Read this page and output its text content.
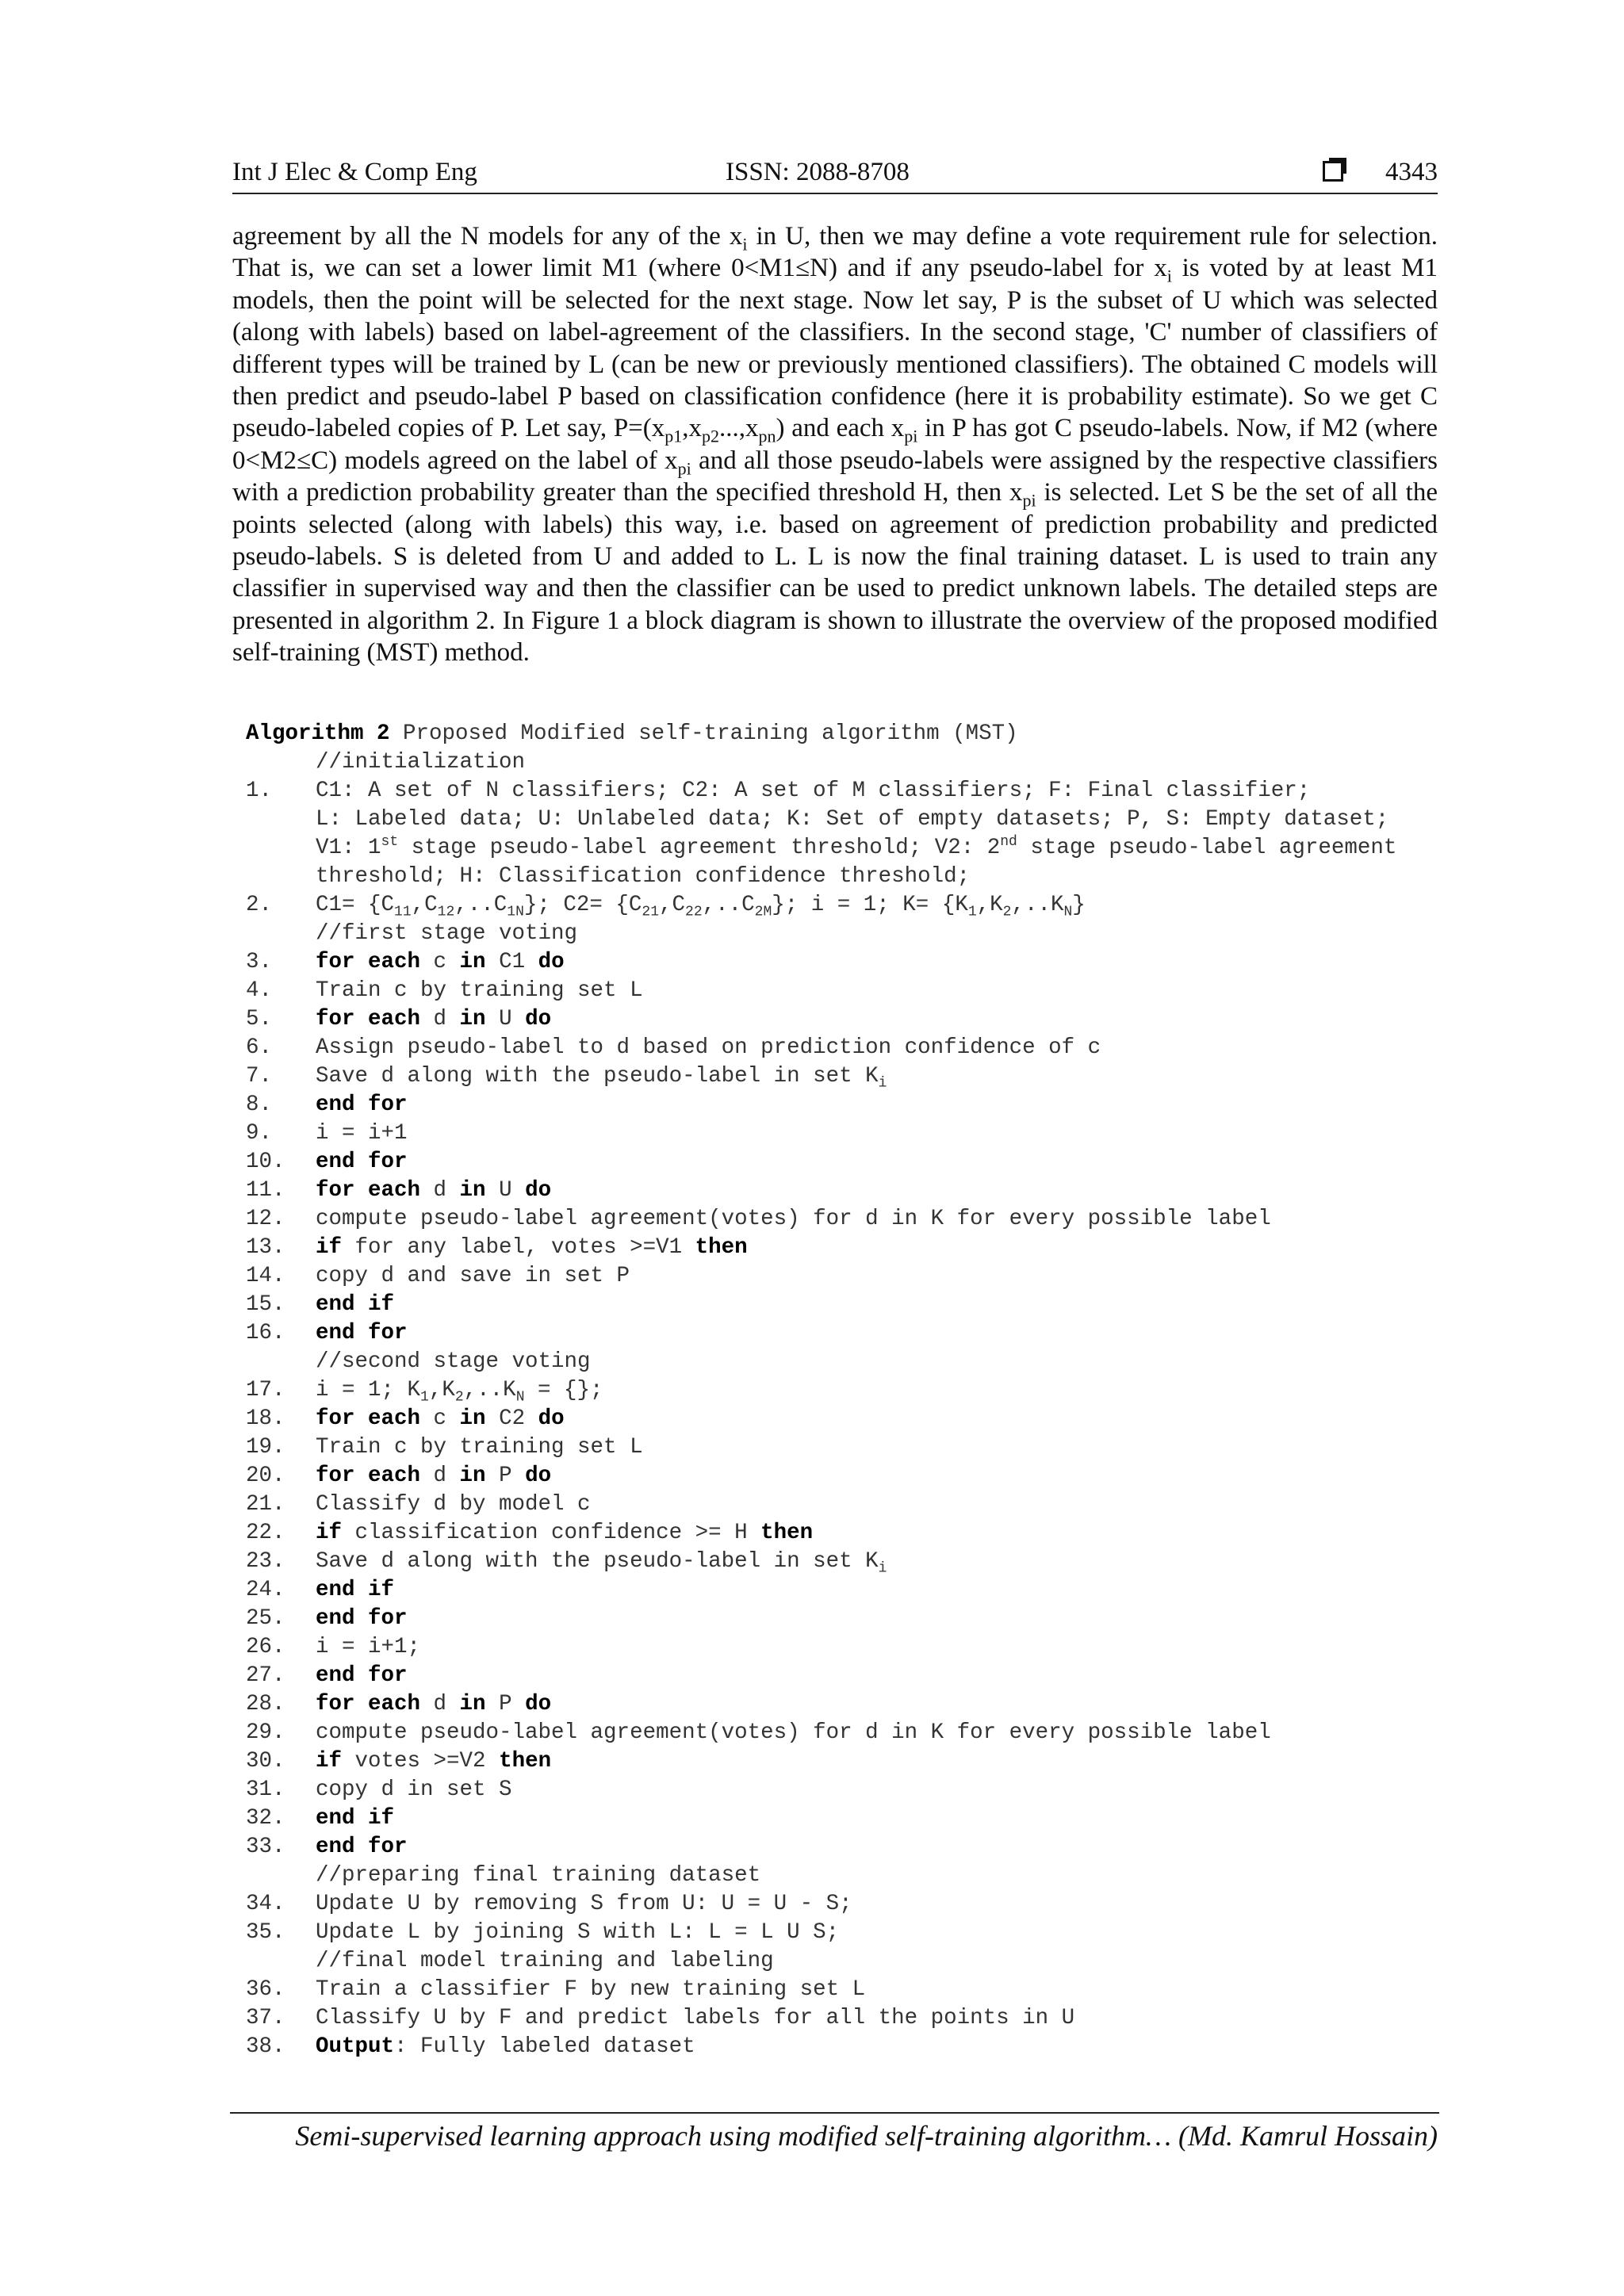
Int J Elec & Comp Eng	ISSN: 2088-8708	4343

agreement by all the N models for any of the $x_i$ in U, then we may define a vote requirement rule for selection. That is, we can set a lower limit M1 (where 0<M1≤N) and if any pseudo-label for $x_i$ is voted by at least M1 models, then the point will be selected for the next stage. Now let say, P is the subset of U which was selected (along with labels) based on label-agreement of the classifiers. In the second stage, 'C' number of classifiers of different types will be trained by L (can be new or previously mentioned classifiers). The obtained C models will then predict and pseudo-label P based on classification confidence (here it is probability estimate). So we get C pseudo-labeled copies of P. Let say, $P=(x_{p1},x_{p2}...,x_{pn})$ and each $x_{pi}$ in P has got C pseudo-labels. Now, if M2 (where 0<M2≤C) models agreed on the label of $x_{pi}$ and all those pseudo-labels were assigned by the respective classifiers with a prediction probability greater than the specified threshold H, then $x_{pi}$ is selected. Let S be the set of all the points selected (along with labels) this way, i.e. based on agreement of prediction probability and predicted pseudo-labels. S is deleted from U and added to L. L is now the final training dataset. L is used to train any classifier in supervised way and then the classifier can be used to predict unknown labels. The detailed steps are presented in algorithm 2. In Figure 1 a block diagram is shown to illustrate the overview of the proposed modified self-training (MST) method.

Algorithm 2 Proposed Modified self-training algorithm (MST)
//initialization
1. C1: A set of N classifiers; C2: A set of M classifiers; F: Final classifier;
L: Labeled data; U: Unlabeled data; K: Set of empty datasets; P, S: Empty dataset;
V1: 1st stage pseudo-label agreement threshold; V2: 2nd stage pseudo-label agreement
threshold; H: Classification confidence threshold;
2. $C1= \{C_{11},C_{12},..C_{1N}\}$; $C2= \{C_{21},C_{22},..C_{2M}\}$; i = 1; $K= \{K_1,K_2,..K_N\}$
//first stage voting
3. for each c in C1 do
4. Train c by training set L
5. for each d in U do
6. Assign pseudo-label to d based on prediction confidence of c
7. Save d along with the pseudo-label in set $K_i$
8. end for
9. i = i+1
10. end for
11. for each d in U do
12. compute pseudo-label agreement(votes) for d in K for every possible label
13. if for any label, votes >=V1 then
14. copy d and save in set P
15. end if
16. end for
//second stage voting
17. i = 1; $K_1,K_2,..K_N$ = {};
18. for each c in C2 do
19. Train c by training set L
20. for each d in P do
21. Classify d by model c
22. if classification confidence >= H then
23. Save d along with the pseudo-label in set $K_i$
24. end if
25. end for
26. i = i+1;
27. end for
28. for each d in P do
29. compute pseudo-label agreement(votes) for d in K for every possible label
30. if votes >=V2 then
31. copy d in set S
32. end if
33. end for
//preparing final training dataset
34. Update U by removing S from U: U = U - S;
35. Update L by joining S with L: L = L U S;
//final model training and labeling
36. Train a classifier F by new training set L
37. Classify U by F and predict labels for all the points in U
38. Output: Fully labeled dataset
Semi-supervised learning approach using modified self-training algorithm… (Md. Kamrul Hossain)
